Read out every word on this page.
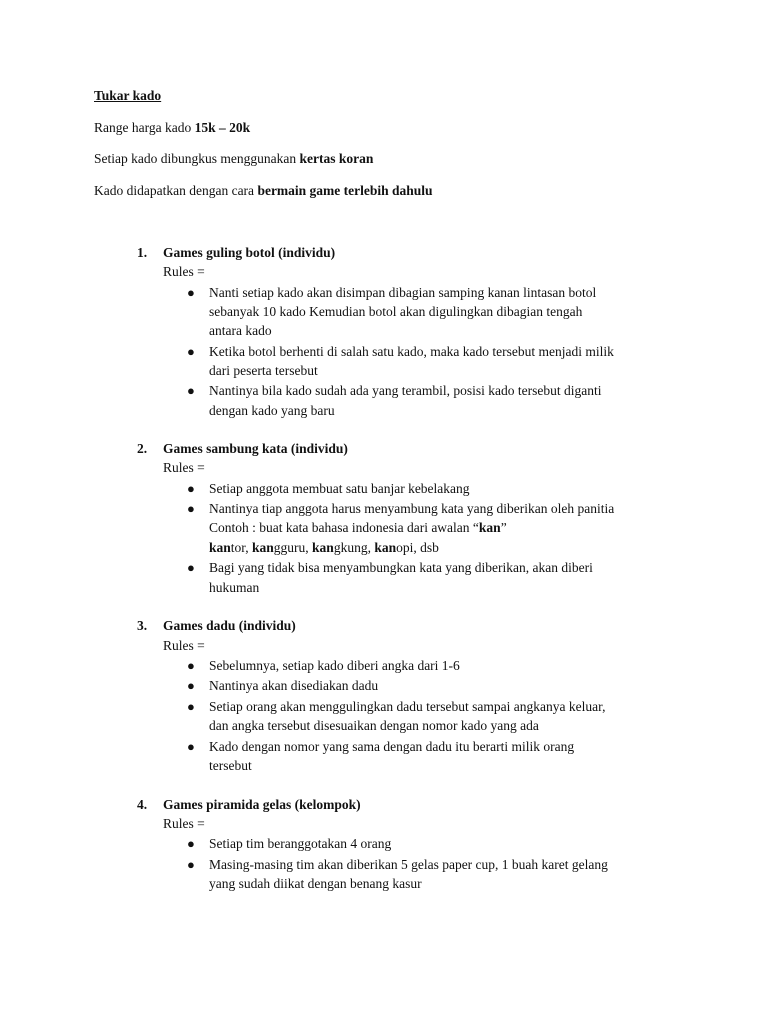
Tukar kado
Range harga kado 15k – 20k
Setiap kado dibungkus menggunakan kertas koran
Kado didapatkan dengan cara bermain game terlebih dahulu
1. Games guling botol (individu)
Rules =
● Nanti setiap kado akan disimpan dibagian samping kanan lintasan botol
sebanyak 10 kado Kemudian botol akan digulingkan dibagian tengah
antara kado
● Ketika botol berhenti di salah satu kado, maka kado tersebut menjadi milik
dari peserta tersebut
● Nantinya bila kado sudah ada yang terambil, posisi kado tersebut diganti
dengan kado yang baru
2. Games sambung kata (individu)
Rules =
● Setiap anggota membuat satu banjar kebelakang
● Nantinya tiap anggota harus menyambung kata yang diberikan oleh panitia
Contoh : buat kata bahasa indonesia dari awalan “kan”
kantor, kangguru, kangkung, kanopi, dsb
● Bagi yang tidak bisa menyambungkan kata yang diberikan, akan diberi
hukuman
3. Games dadu (individu)
Rules =
● Sebelumnya, setiap kado diberi angka dari 1-6
● Nantinya akan disediakan dadu
● Setiap orang akan menggulingkan dadu tersebut sampai angkanya keluar,
dan angka tersebut disesuaikan dengan nomor kado yang ada
● Kado dengan nomor yang sama dengan dadu itu berarti milik orang
tersebut
4. Games piramida gelas (kelompok)
Rules =
● Setiap tim beranggotakan 4 orang
● Masing-masing tim akan diberikan 5 gelas paper cup, 1 buah karet gelang
yang sudah diikat dengan benang kasur
